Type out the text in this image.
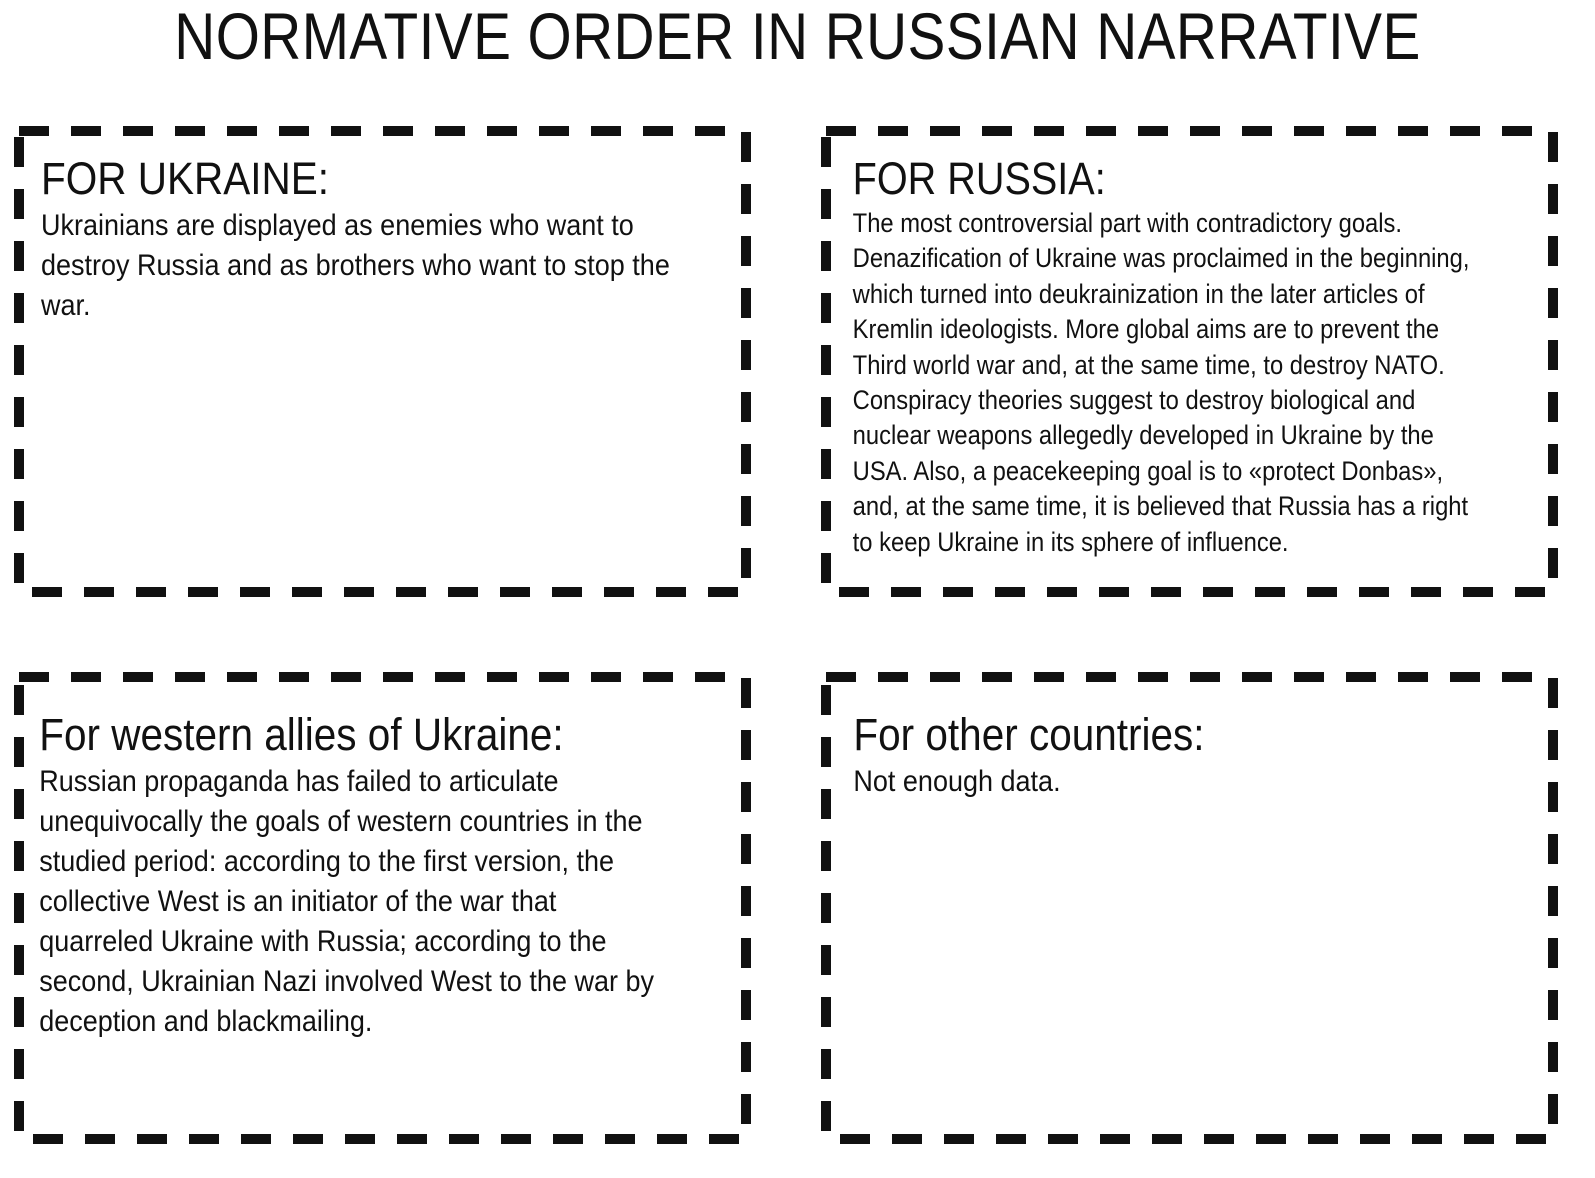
NORMATIVE ORDER IN RUSSIAN NARRATIVE
FOR UKRAINE:

Ukrainians are displayed as enemies who want to

destroy Russia and as brothers who want to stop the

war.

FOR RUSSIA:

The most controversial part with contradictory goals.

Denazification of Ukraine was proclaimed in the beginning,

which turned into deukrainization in the later articles of

Kremlin ideologists. More global aims are to prevent the

Third world war and, at the same time, to destroy NATO.

Conspiracy theories suggest to destroy biological and

nuclear weapons allegedly developed in Ukraine by the

USA. Also, a peacekeeping goal is to «protect Donbas»,

and, at the same time, it is believed that Russia has a right

to keep Ukraine in its sphere of influence.

For western allies of Ukraine:

Russian propaganda has failed to articulate

unequivocally the goals of western countries in the

studied period: according to the first version, the

collective West is an initiator of the war that

quarreled Ukraine with Russia; according to the

second, Ukrainian Nazi involved West to the war by

deception and blackmailing.

For other countries:

Not enough data.
